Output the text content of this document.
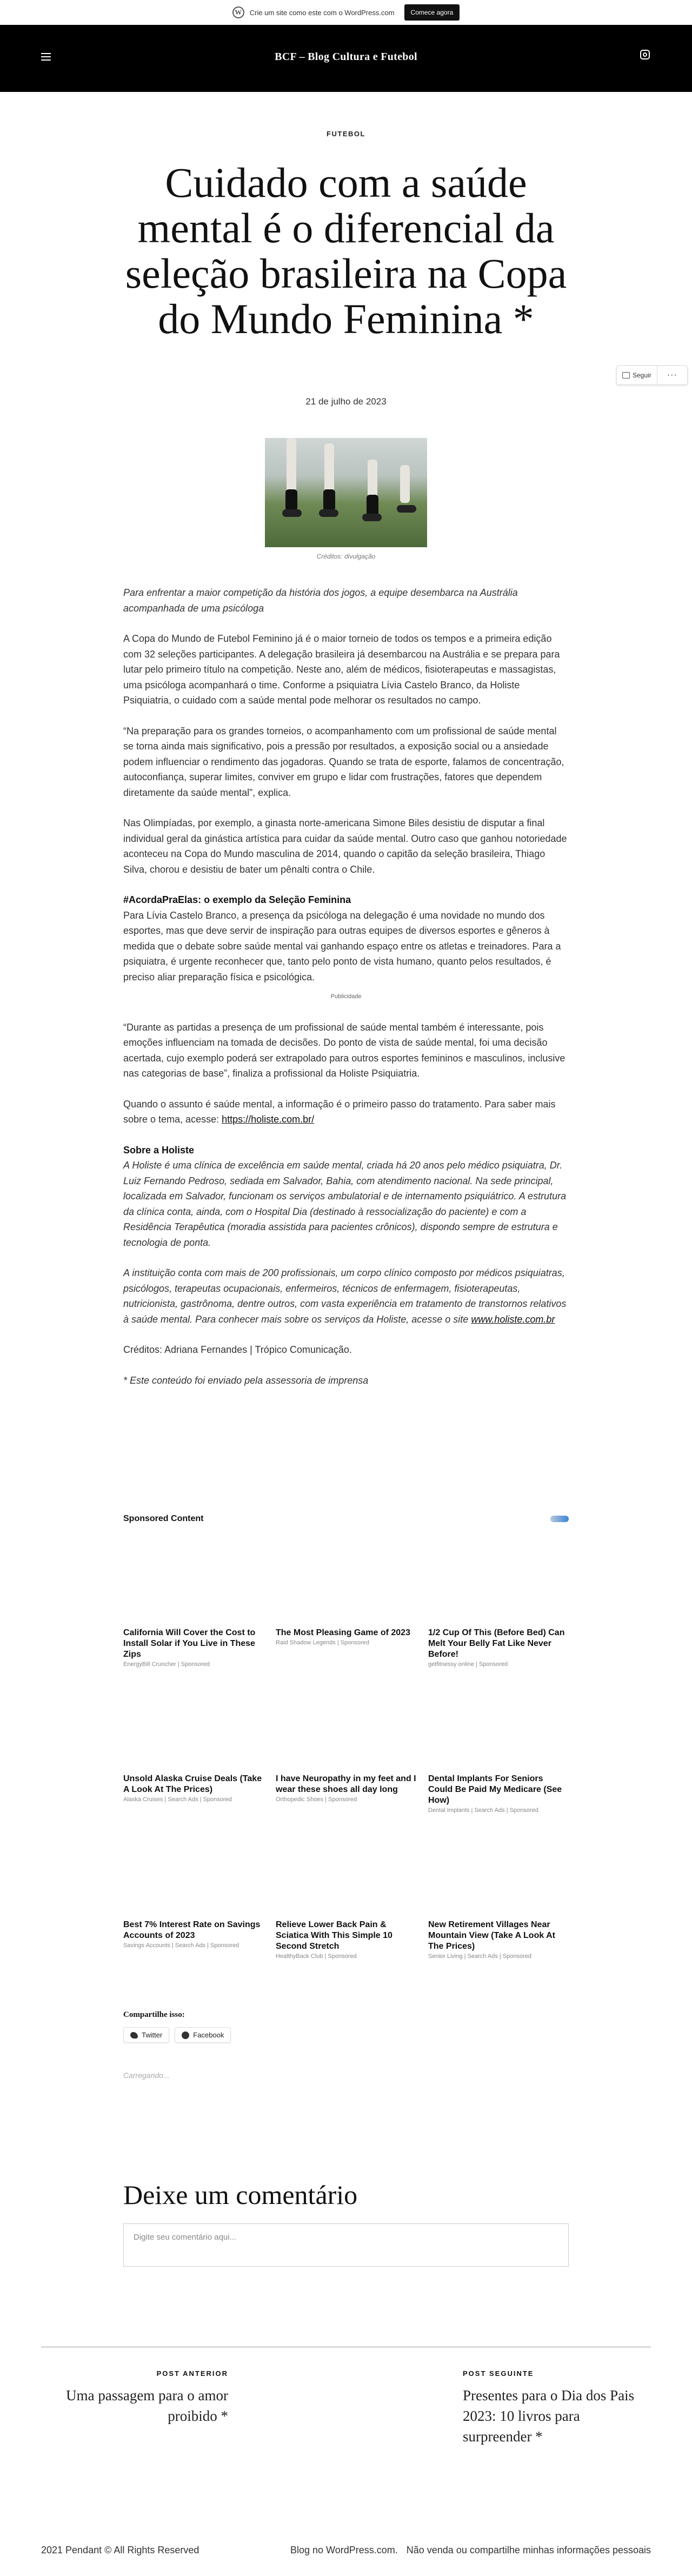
W	Crie um site como este com o WordPress.com	Comece agora
BCF – Blog Cultura e Futebol
FUTEBOL
Cuidado com a saúde mental é o diferencial da seleção brasileira na Copa do Mundo Feminina *
21 de julho de 2023
Créditos: divulgação
Seguir	···

Para enfrentar a maior competição da história dos jogos, a equipe desembarca na Austrália acompanhada de uma psicóloga

A Copa do Mundo de Futebol Feminino já é o maior torneio de todos os tempos e a primeira edição com 32 seleções participantes. A delegação brasileira já desembarcou na Austrália e se prepara para lutar pelo primeiro título na competição. Neste ano, além de médicos, fisioterapeutas e massagistas, uma psicóloga acompanhará o time. Conforme a psiquiatra Lívia Castelo Branco, da Holiste Psiquiatria, o cuidado com a saúde mental pode melhorar os resultados no campo.

“Na preparação para os grandes torneios, o acompanhamento com um profissional de saúde mental se torna ainda mais significativo, pois a pressão por resultados, a exposição social ou a ansiedade podem influenciar o rendimento das jogadoras. Quando se trata de esporte, falamos de concentração, autoconfiança, superar limites, conviver em grupo e lidar com frustrações, fatores que dependem diretamente da saúde mental”, explica.

Nas Olimpíadas, por exemplo, a ginasta norte-americana Simone Biles desistiu de disputar a final individual geral da ginástica artística para cuidar da saúde mental. Outro caso que ganhou notoriedade aconteceu na Copa do Mundo masculina de 2014, quando o capitão da seleção brasileira, Thiago Silva, chorou e desistiu de bater um pênalti contra o Chile.

#AcordaPraElas: o exemplo da Seleção Feminina

Para Lívia Castelo Branco, a presença da psicóloga na delegação é uma novidade no mundo dos esportes, mas que deve servir de inspiração para outras equipes de diversos esportes e gêneros à medida que o debate sobre saúde mental vai ganhando espaço entre os atletas e treinadores. Para a psiquiatra, é urgente reconhecer que, tanto pelo ponto de vista humano, quanto pelos resultados, é preciso aliar preparação física e psicológica.

Publicidade

“Durante as partidas a presença de um profissional de saúde mental também é interessante, pois emoções influenciam na tomada de decisões. Do ponto de vista de saúde mental, foi uma decisão acertada, cujo exemplo poderá ser extrapolado para outros esportes femininos e masculinos, inclusive nas categorias de base”, finaliza a profissional da Holiste Psiquiatria.

Quando o assunto é saúde mental, a informação é o primeiro passo do tratamento. Para saber mais sobre o tema, acesse: https://holiste.com.br/

Sobre a Holiste

A Holiste é uma clínica de excelência em saúde mental, criada há 20 anos pelo médico psiquiatra, Dr. Luiz Fernando Pedroso, sediada em Salvador, Bahia, com atendimento nacional. Na sede principal, localizada em Salvador, funcionam os serviços ambulatorial e de internamento psiquiátrico. A estrutura da clínica conta, ainda, com o Hospital Dia (destinado à ressocialização do paciente) e com a Residência Terapêutica (moradia assistida para pacientes crônicos), dispondo sempre de estrutura e tecnologia de ponta.

A instituição conta com mais de 200 profissionais, um corpo clínico composto por médicos psiquiatras, psicólogos, terapeutas ocupacionais, enfermeiros, técnicos de enfermagem, fisioterapeutas, nutricionista, gastrônoma, dentre outros, com vasta experiência em tratamento de transtornos relativos à saúde mental. Para conhecer mais sobre os serviços da Holiste, acesse o site www.holiste.com.br

Créditos: Adriana Fernandes | Trópico Comunicação.

* Este conteúdo foi enviado pela assessoria de imprensa

Sponsored Content
California Will Cover the Cost to Install Solar if You Live in These Zips
EnergyBill Cruncher | Sponsored
The Most Pleasing Game of 2023
Raid Shadow Legends | Sponsored
1/2 Cup Of This (Before Bed) Can Melt Your Belly Fat Like Never Before!
getfitnessy online | Sponsored
Unsold Alaska Cruise Deals (Take A Look At The Prices)
Alaska Cruises | Search Ads | Sponsored
I have Neuropathy in my feet and I wear these shoes all day long
Orthopedic Shoes | Sponsored
Dental Implants For Seniors Could Be Paid My Medicare (See How)
Dental Implants | Search Ads | Sponsored
Best 7% Interest Rate on Savings Accounts of 2023
Savings Accounts | Search Ads | Sponsored
Relieve Lower Back Pain & Sciatica With This Simple 10 Second Stretch
HealthyBack Club | Sponsored
New Retirement Villages Near Mountain View (Take A Look At The Prices)
Senior Living | Search Ads | Sponsored
Compartilhe isso:
Twitter	Facebook
Carregando...
Deixe um comentário
Digite seu comentário aqui...
POST ANTERIOR
Uma passagem para o amor proibido *
POST SEGUINTE
Presentes para o Dia dos Pais 2023: 10 livros para surpreender *
2021 Pendant © All Rights Reserved	Blog no WordPress.com. Não venda ou compartilhe minhas informações pessoais
